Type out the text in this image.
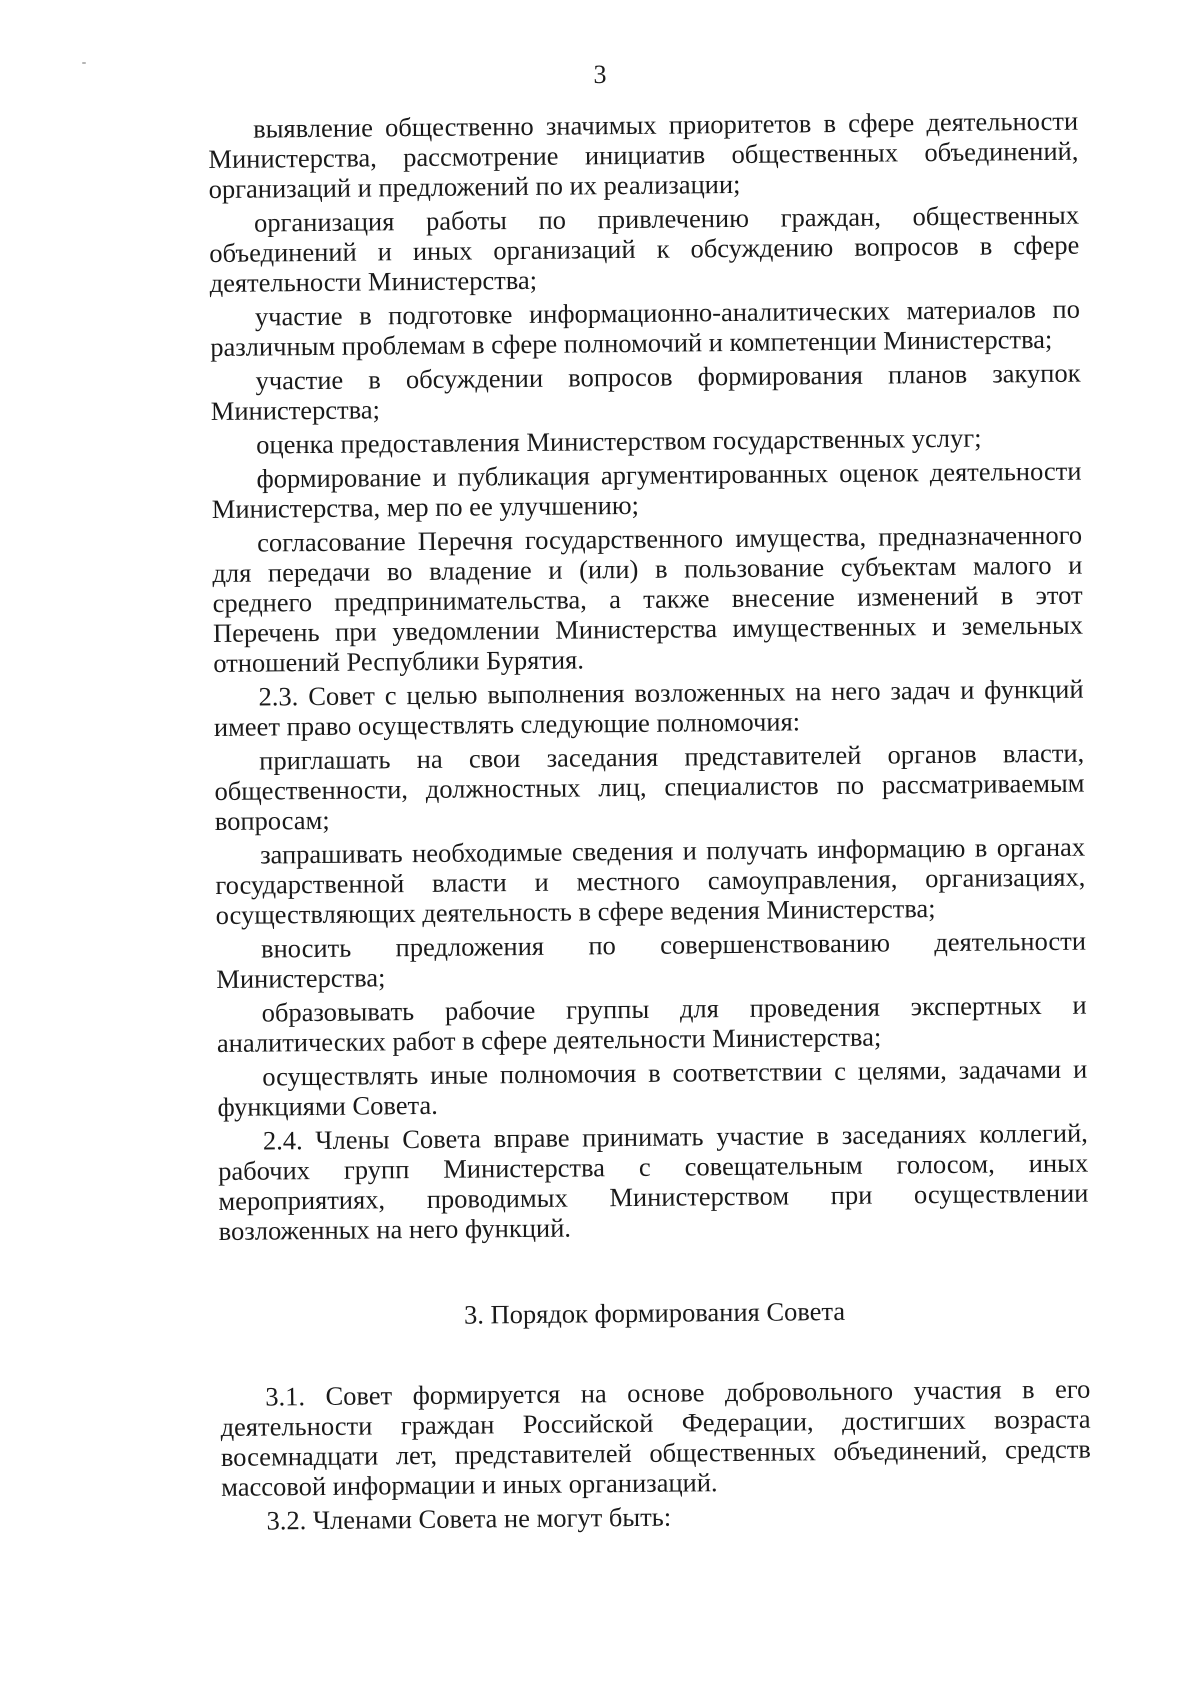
3

выявление общественно значимых приоритетов в сфере деятельности Министерства, рассмотрение инициатив общественных объединений, организаций и предложений по их реализации;

организация работы по привлечению граждан, общественных объединений и иных организаций к обсуждению вопросов в сфере деятельности Министерства;

участие в подготовке информационно-аналитических материалов по различным проблемам в сфере полномочий и компетенции Министерства;

участие в обсуждении вопросов формирования планов закупок Министерства;

оценка предоставления Министерством государственных услуг;

формирование и публикация аргументированных оценок деятельности Министерства, мер по ее улучшению;

согласование Перечня государственного имущества, предназначенного для передачи во владение и (или) в пользование субъектам малого и среднего предпринимательства, а также внесение изменений в этот Перечень при уведомлении Министерства имущественных и земельных отношений Республики Бурятия.

2.3. Совет с целью выполнения возложенных на него задач и функций имеет право осуществлять следующие полномочия:

приглашать на свои заседания представителей органов власти, общественности, должностных лиц, специалистов по рассматриваемым вопросам;

запрашивать необходимые сведения и получать информацию в органах государственной власти и местного самоуправления, организациях, осуществляющих деятельность в сфере ведения Министерства;

вносить предложения по совершенствованию деятельности Министерства;

образовывать рабочие группы для проведения экспертных и аналитических работ в сфере деятельности Министерства;

осуществлять иные полномочия в соответствии с целями, задачами и функциями Совета.

2.4. Члены Совета вправе принимать участие в заседаниях коллегий, рабочих групп Министерства с совещательным голосом, иных мероприятиях, проводимых Министерством при осуществлении возложенных на него функций.

3. Порядок формирования Совета

3.1. Совет формируется на основе добровольного участия в его деятельности граждан Российской Федерации, достигших возраста восемнадцати лет, представителей общественных объединений, средств массовой информации и иных организаций.

3.2. Членами Совета не могут быть:
